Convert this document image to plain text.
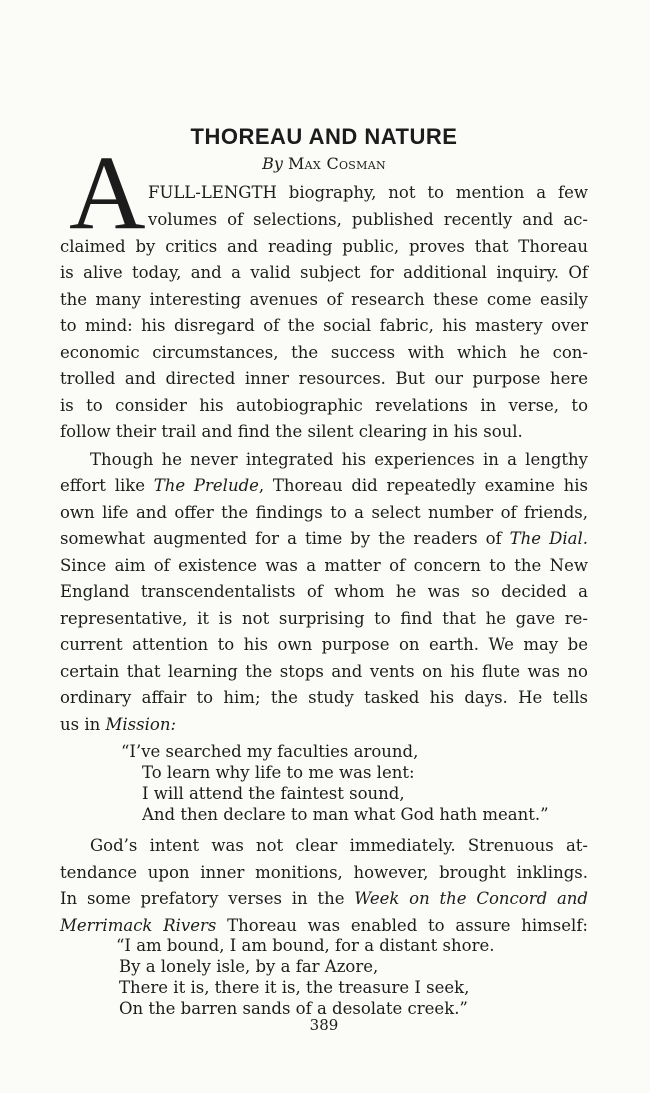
THOREAU AND NATURE
By Max Cosman
A FULL-LENGTH biography, not to mention a few
volumes of selections, published recently and ac-
claimed by critics and reading public, proves that Thoreau
is alive today, and a valid subject for additional inquiry. Of
the many interesting avenues of research these come easily
to mind: his disregard of the social fabric, his mastery over
economic circumstances, the success with which he con-
trolled and directed inner resources. But our purpose here
is to consider his autobiographic revelations in verse, to
follow their trail and find the silent clearing in his soul.
Though he never integrated his experiences in a lengthy
effort like The Prelude, Thoreau did repeatedly examine his
own life and offer the findings to a select number of friends,
somewhat augmented for a time by the readers of The Dial.
Since aim of existence was a matter of concern to the New
England transcendentalists of whom he was so decided a
representative, it is not surprising to find that he gave re-
current attention to his own purpose on earth. We may be
certain that learning the stops and vents on his flute was no
ordinary affair to him; the study tasked his days. He tells
us in Mission:
“I’ve searched my faculties around,
To learn why life to me was lent:
I will attend the faintest sound,
And then declare to man what God hath meant.”
God’s intent was not clear immediately. Strenuous at-
tendance upon inner monitions, however, brought inklings.
In some prefatory verses in the Week on the Concord and
Merrimack Rivers Thoreau was enabled to assure himself:
“I am bound, I am bound, for a distant shore.
By a lonely isle, by a far Azore,
There it is, there it is, the treasure I seek,
On the barren sands of a desolate creek.”
389
